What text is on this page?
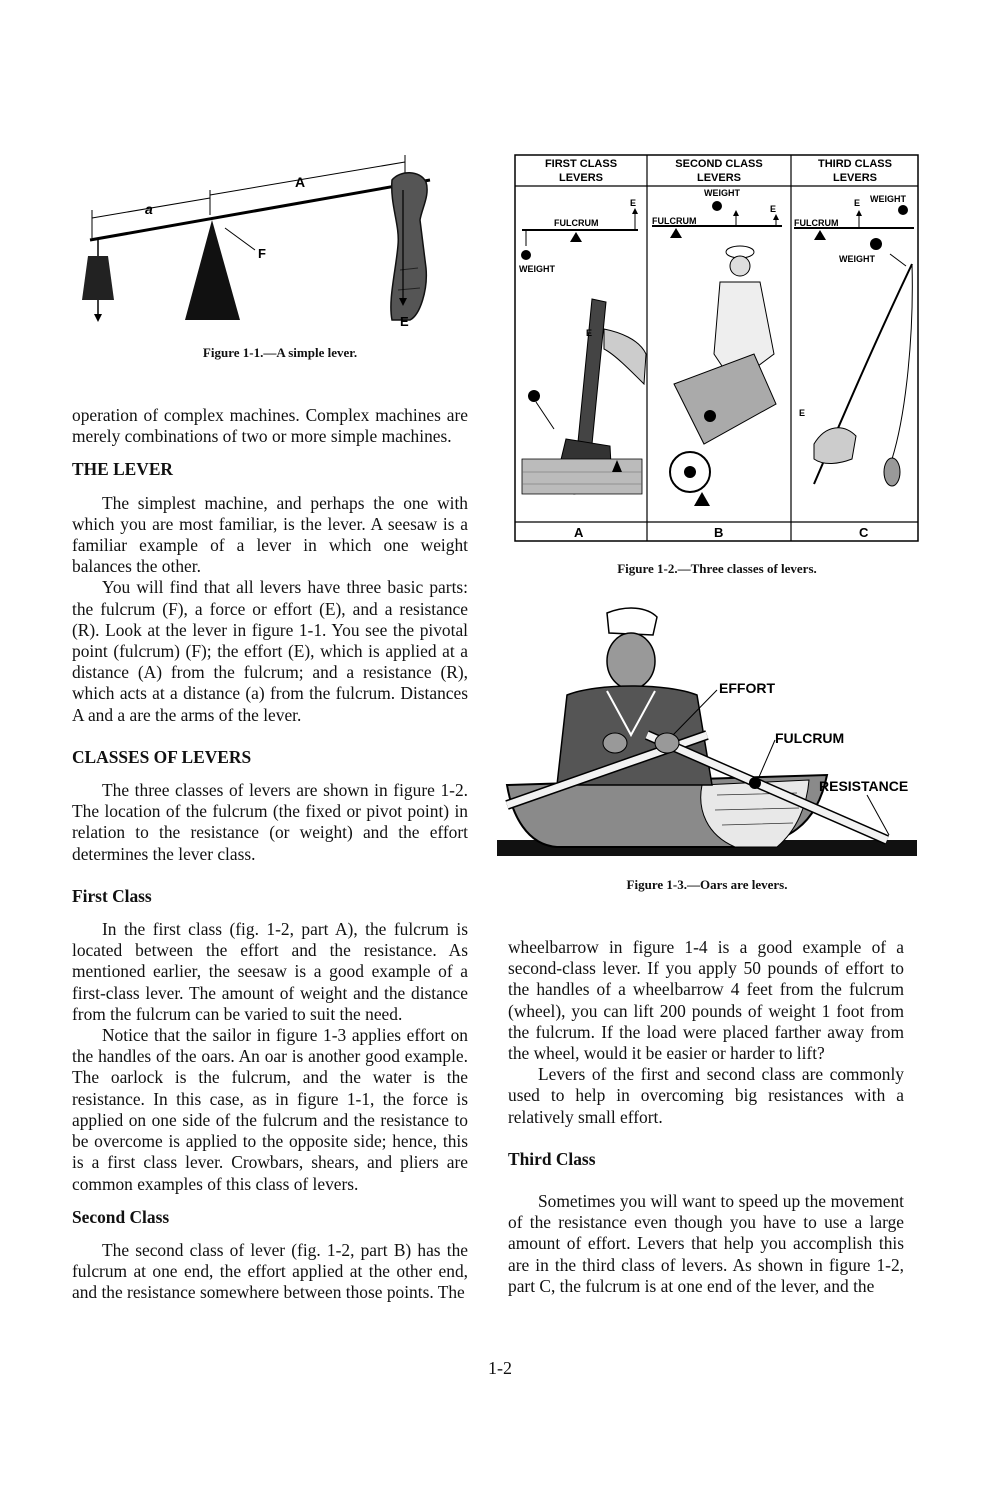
a
A
F
E
Figure 1-1.—A simple lever.
FIRST CLASS
LEVERS
SECOND CLASS
LEVERS
THIRD CLASS
LEVERS
FULCRUM
E
WEIGHT
E
FULCRUM
WEIGHT
E
FULCRUM
E WEIGHT
WEIGHT
E
A	B	C
Figure 1-2.—Three classes of levers.
EFFORT
FULCRUM
RESISTANCE
Figure 1-3.—Oars are levers.

operation of complex machines. Complex machines are merely combinations of two or more simple machines.

THE LEVER

The simplest machine, and perhaps the one with which you are most familiar, is the lever. A seesaw is a familiar example of a lever in which one weight balances the other.

You will find that all levers have three basic parts: the fulcrum (F), a force or effort (E), and a resistance (R). Look at the lever in figure 1-1. You see the pivotal point (fulcrum) (F); the effort (E), which is applied at a distance (A) from the fulcrum; and a resistance (R), which acts at a distance (a) from the fulcrum. Distances A and a are the arms of the lever.

CLASSES OF LEVERS

The three classes of levers are shown in figure 1-2. The location of the fulcrum (the fixed or pivot point) in relation to the resistance (or weight) and the effort determines the lever class.

First Class

In the first class (fig. 1-2, part A), the fulcrum is located between the effort and the resistance. As mentioned earlier, the seesaw is a good example of a first-class lever. The amount of weight and the distance from the fulcrum can be varied to suit the need.

Notice that the sailor in figure 1-3 applies effort on the handles of the oars. An oar is another good example. The oarlock is the fulcrum, and the water is the resistance. In this case, as in figure 1-1, the force is applied on one side of the fulcrum and the resistance to be overcome is applied to the opposite side; hence, this is a first class lever. Crowbars, shears, and pliers are common examples of this class of levers.

Second Class

The second class of lever (fig. 1-2, part B) has the fulcrum at one end, the effort applied at the other end, and the resistance somewhere between those points. The

wheelbarrow in figure 1-4 is a good example of a second-class lever. If you apply 50 pounds of effort to the handles of a wheelbarrow 4 feet from the fulcrum (wheel), you can lift 200 pounds of weight 1 foot from the fulcrum. If the load were placed farther away from the wheel, would it be easier or harder to lift?

Levers of the first and second class are commonly used to help in overcoming big resistances with a relatively small effort.

Third Class

Sometimes you will want to speed up the movement of the resistance even though you have to use a large amount of effort. Levers that help you accomplish this are in the third class of levers. As shown in figure 1-2, part C, the fulcrum is at one end of the lever, and the

1-2
